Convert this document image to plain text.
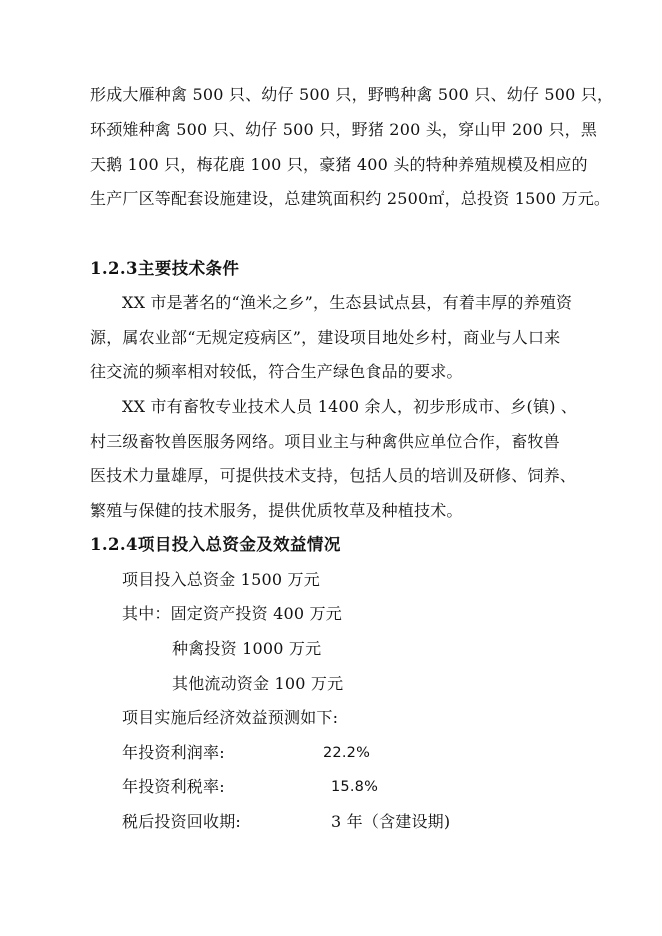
形成大雁种禽 500 只、幼仔 500 只，野鸭种禽 500 只、幼仔 500 只，
环颈雉种禽 500 只、幼仔 500 只，野猪 200 头，穿山甲 200 只，黑
天鹅 100 只，梅花鹿 100 只，豪猪 400 头的特种养殖规模及相应的
生产厂区等配套设施建设，总建筑面积约 2500㎡，总投资 1500 万元。
1.2.3主要技术条件
XX 市是著名的“渔米之乡”，生态县试点县，有着丰厚的养殖资
源，属农业部“无规定疫病区”，建设项目地处乡村，商业与人口来
往交流的频率相对较低，符合生产绿色食品的要求。
XX 市有畜牧专业技术人员 1400 余人，初步形成市、乡(镇) 、
村三级畜牧兽医服务网络。项目业主与种禽供应单位合作，畜牧兽
医技术力量雄厚，可提供技术支持，包括人员的培训及研修、饲养、
繁殖与保健的技术服务，提供优质牧草及种植技术。
1.2.4项目投入总资金及效益情况
项目投入总资金 1500 万元
其中：固定资产投资 400 万元
种禽投资 1000 万元
其他流动资金 100 万元
项目实施后经济效益预测如下:
年投资利润率:	22.2%
年投资利税率:	15.8%
税后投资回收期:	3 年（含建设期)
